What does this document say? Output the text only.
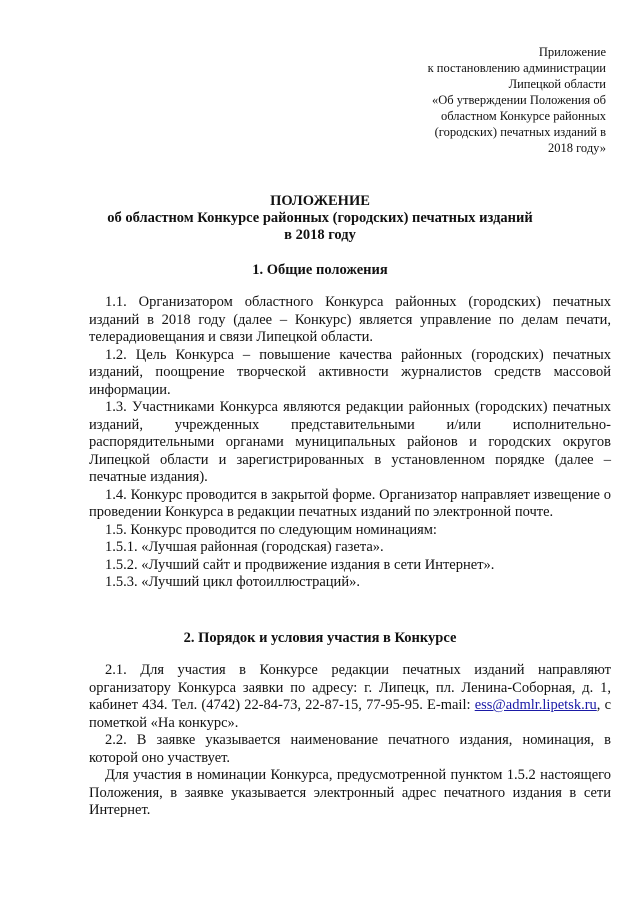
Приложение
к постановлению администрации
Липецкой области
«Об утверждении Положения об
областном Конкурсе районных
(городских) печатных изданий в
2018 году»
ПОЛОЖЕНИЕ
об областном Конкурсе районных (городских) печатных изданий
в 2018 году
1. Общие положения

1.1. Организатором областного Конкурса районных (городских) печатных изданий в 2018 году (далее – Конкурс) является управление по делам печати, телерадиовещания и связи Липецкой области.

1.2. Цель Конкурса – повышение качества районных (городских) печатных изданий, поощрение творческой активности журналистов средств массовой информации.

1.3. Участниками Конкурса являются редакции районных (городских) печатных изданий, учрежденных представительными и/или исполнительно-распорядительными органами муниципальных районов и городских округов Липецкой области и зарегистрированных в установленном порядке (далее – печатные издания).

1.4. Конкурс проводится в закрытой форме. Организатор направляет извещение о проведении Конкурса в редакции печатных изданий по электронной почте.

1.5. Конкурс проводится по следующим номинациям:

1.5.1. «Лучшая районная (городская) газета».

1.5.2. «Лучший сайт и продвижение издания в сети Интернет».

1.5.3. «Лучший цикл фотоиллюстраций».

2. Порядок и условия участия в Конкурсе

2.1. Для участия в Конкурсе редакции печатных изданий направляют организатору Конкурса заявки по адресу: г. Липецк, пл. Ленина-Соборная, д. 1, кабинет 434. Тел. (4742) 22-84-73, 22-87-15, 77-95-95. E-mail: ess@admlr.lipetsk.ru, с пометкой «На конкурс».

2.2. В заявке указывается наименование печатного издания, номинация, в которой оно участвует.

Для участия в номинации Конкурса, предусмотренной пунктом 1.5.2 настоящего Положения, в заявке указывается электронный адрес печатного издания в сети Интернет.
